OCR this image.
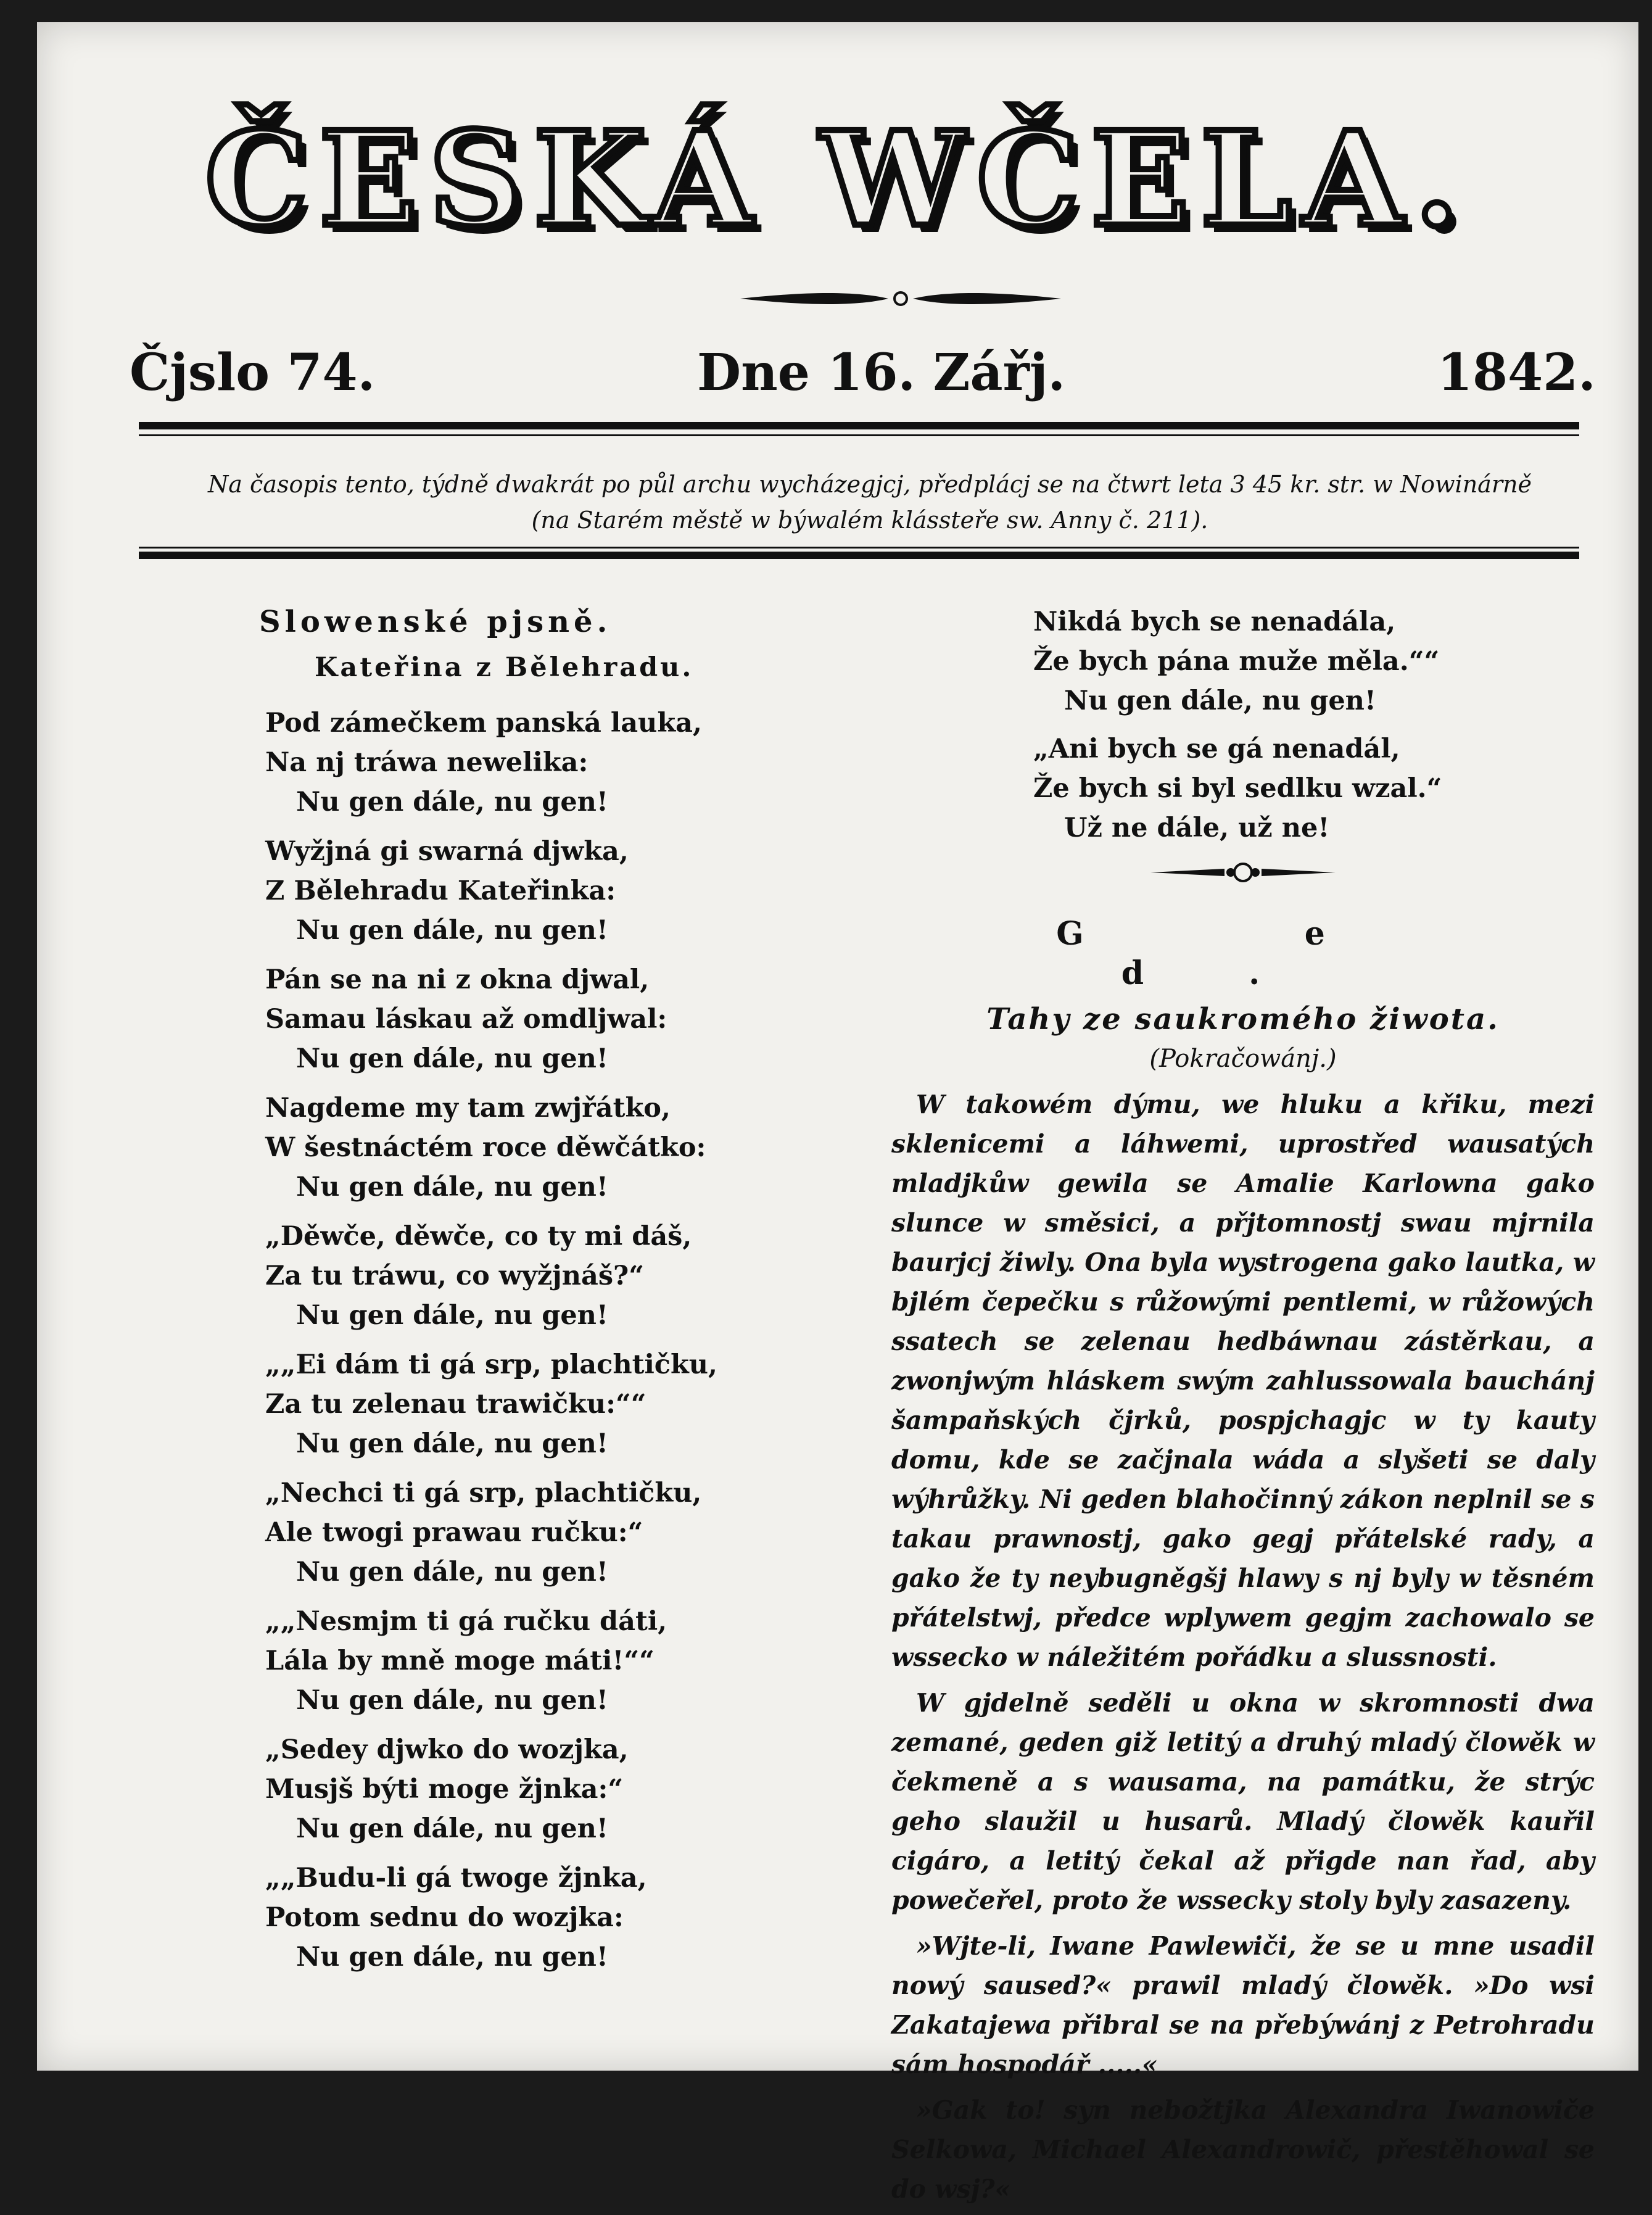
ČESKÁ WČELA.
Čjslo 74.	Dne 16. Zářj.	1842.
Na časopis tento, týdně dwakrát po půl archu wycházegjcj, předplácj se na čtwrt leta 3 45 kr. str. w Nowinárně
(na Starém městě w býwalém klássteře sw. Anny č. 211).
Slowenské pjsně.
Kateřina z Bělehradu.
Pod zámečkem panská lauka,
Na nj tráwa newelika:
Nu gen dále, nu gen!
Wyžjná gi swarná djwka,
Z Bělehradu Kateřinka:
Nu gen dále, nu gen!
Pán se na ni z okna djwal,
Samau láskau až omdljwal:
Nu gen dále, nu gen!
Nagdeme my tam zwjřátko,
W šestnáctém roce děwčátko:
Nu gen dále, nu gen!
„Děwče, děwče, co ty mi dáš,
Za tu tráwu, co wyžjnáš?“
Nu gen dále, nu gen!
„„Ei dám ti gá srp, plachtičku,
Za tu zelenau trawičku:““
Nu gen dále, nu gen!
„Nechci ti gá srp, plachtičku,
Ale twogi prawau ručku:“
Nu gen dále, nu gen!
„„Nesmjm ti gá ručku dáti,
Lála by mně moge máti!““
Nu gen dále, nu gen!
„Sedey djwko do wozjka,
Musjš býti moge žjnka:“
Nu gen dále, nu gen!
„„Budu-li gá twoge žjnka,
Potom sednu do wozjka:
Nu gen dále, nu gen!
Nikdá bych se nenadála,
Že bych pána muže měla.““
Nu gen dále, nu gen!
„Ani bych se gá nenadál,
Že bych si byl sedlku wzal.“
Už ne dále, už ne!
G e d.
Tahy ze saukromého žiwota.
(Pokračowánj.)

W takowém dýmu, we hluku a křiku, mezi sklenicemi a láhwemi, uprostřed wausatých mladjkůw gewila se Amalie Karlowna gako slunce w směsici, a přjtomnostj swau mjrnila baurjcj žiwly. Ona byla wystrogena gako lautka, w bjlém čepečku s růžowými pentlemi, w růžowých ssatech se zelenau hedbáwnau zástěrkau, a zwonjwým hláskem swým zahlussowala bauchánj šampaňských čjrků, pospjchagjc w ty kauty domu, kde se začjnala wáda a slyšeti se daly wýhrůžky. Ni geden blahočinný zákon neplnil se s takau prawnostj, gako gegj přátelské rady, a gako že ty neybugněgšj hlawy s nj byly w těsném přátelstwj, předce wplywem gegjm zachowalo se wssecko w náležitém pořádku a slussnosti.

W gjdelně seděli u okna w skromnosti dwa zemané, geden giž letitý a druhý mladý člowěk w čekmeně a s wausama, na památku, že strýc geho slaužil u husarů. Mladý člowěk kauřil cigáro, a letitý čekal až přigde nan řad, aby powečeřel, proto že wssecky stoly byly zasazeny.

»Wjte-li, Iwane Pawlewiči, že se u mne usadil nowý saused?« prawil mladý člowěk. »Do wsi Zakatajewa přibral se na přebýwánj z Petrohradu sám hospodář .....«

»Gak to! syn nebožtjka Alexandra Iwanowiče Selkowa, Michael Alexandrowič, přestěhowal se do wsj?«
